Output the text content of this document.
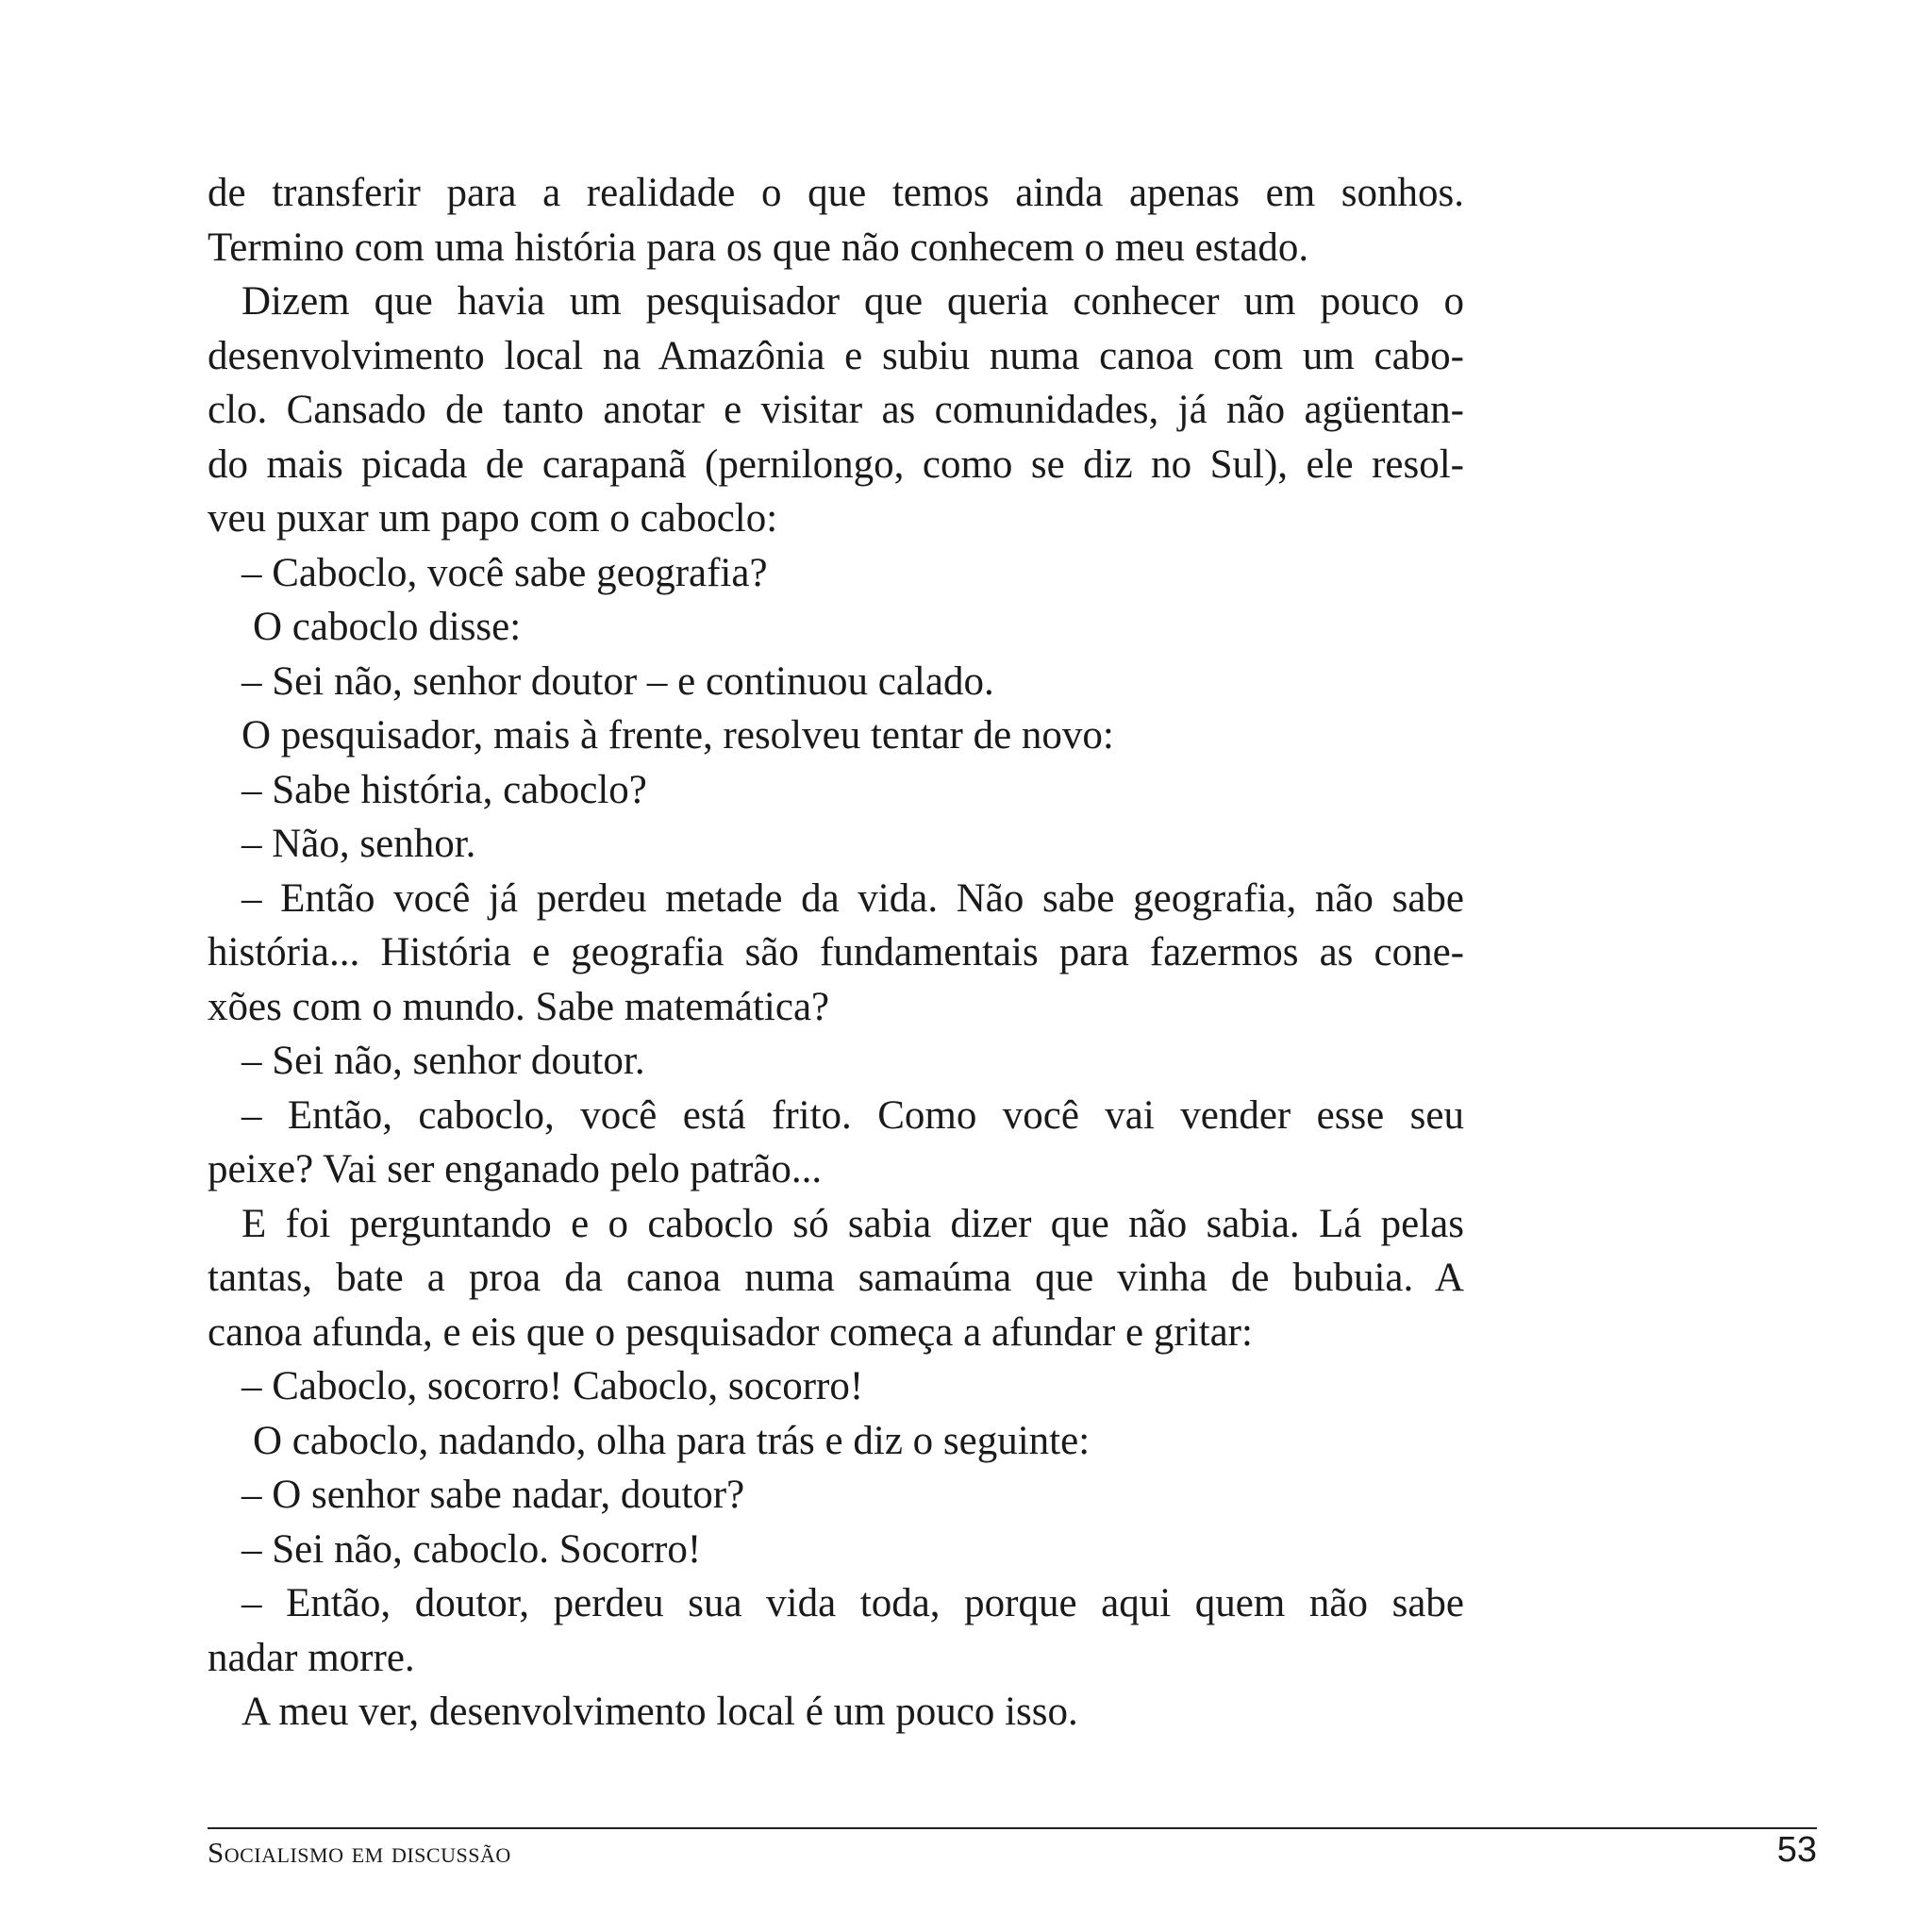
de transferir para a realidade o que temos ainda apenas em sonhos.
Termino com uma história para os que não conhecem o meu estado.
Dizem que havia um pesquisador que queria conhecer um pouco o
desenvolvimento local na Amazônia e subiu numa canoa com um cabo-
clo. Cansado de tanto anotar e visitar as comunidades, já não agüentan-
do mais picada de carapanã (pernilongo, como se diz no Sul), ele resol-
veu puxar um papo com o caboclo:
– Caboclo, você sabe geografia?
O caboclo disse:
– Sei não, senhor doutor – e continuou calado.
O pesquisador, mais à frente, resolveu tentar de novo:
– Sabe história, caboclo?
– Não, senhor.
– Então você já perdeu metade da vida. Não sabe geografia, não sabe
história... História e geografia são fundamentais para fazermos as cone-
xões com o mundo. Sabe matemática?
– Sei não, senhor doutor.
– Então, caboclo, você está frito. Como você vai vender esse seu
peixe? Vai ser enganado pelo patrão...
E foi perguntando e o caboclo só sabia dizer que não sabia. Lá pelas
tantas, bate a proa da canoa numa samaúma que vinha de bubuia. A
canoa afunda, e eis que o pesquisador começa a afundar e gritar:
– Caboclo, socorro! Caboclo, socorro!
O caboclo, nadando, olha para trás e diz o seguinte:
– O senhor sabe nadar, doutor?
– Sei não, caboclo. Socorro!
– Então, doutor, perdeu sua vida toda, porque aqui quem não sabe
nadar morre.
A meu ver, desenvolvimento local é um pouco isso.
Socialismo em discussão	53
